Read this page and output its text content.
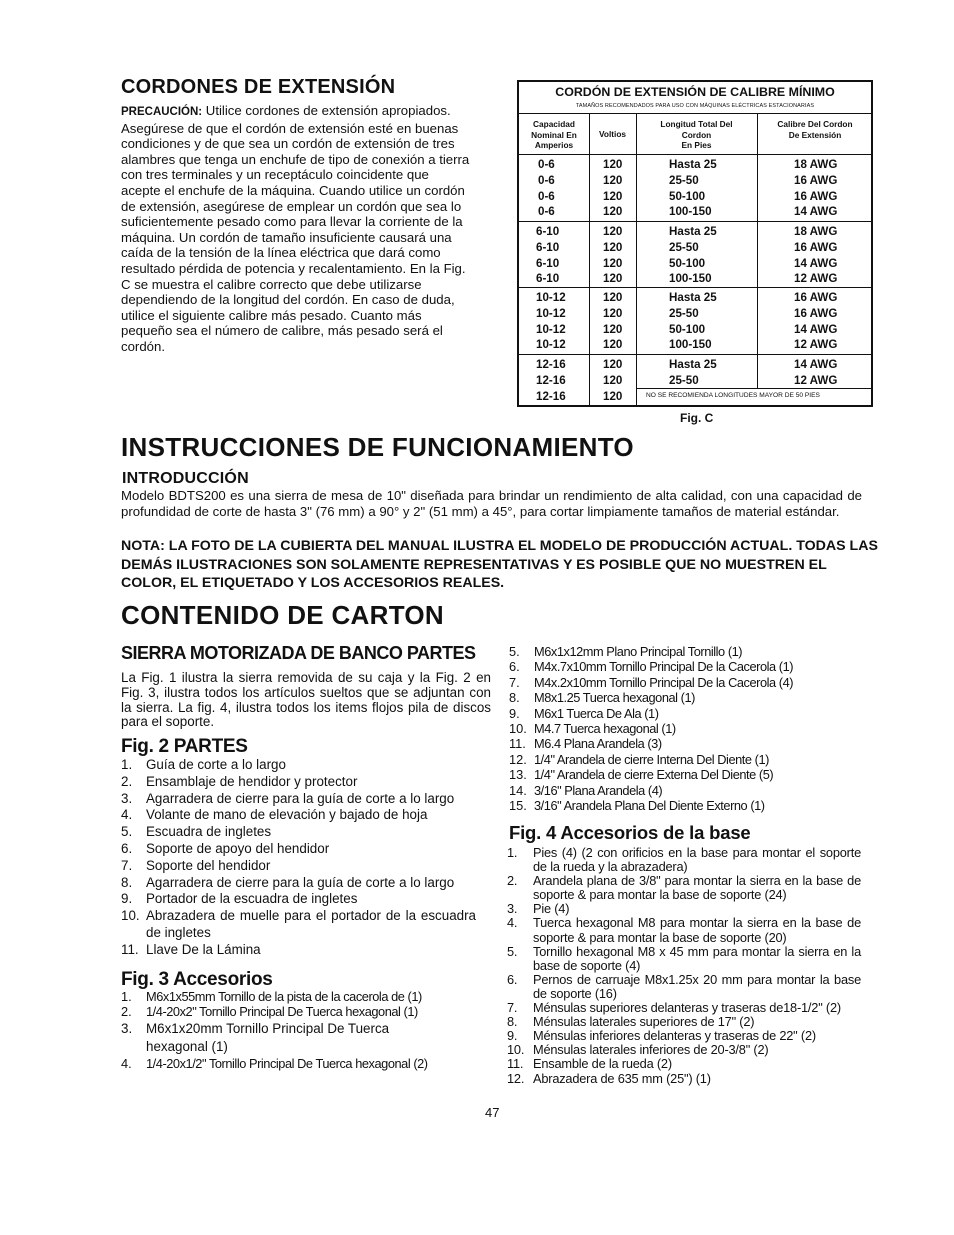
CORDONES DE EXTENSIÓN
PRECAUCIÓN: Utilice cordones de extensión apropiados. Asegúrese de que el cordón de extensión esté en buenas condiciones y de que sea un cordón de extensión de tres alambres que tenga un enchufe de tipo de conexión a tierra con tres terminales y un receptáculo coincidente que acepte el enchufe de la máquina. Cuando utilice un cordón de extensión, asegúrese de emplear un cordón que sea lo suficientemente pesado como para llevar la corriente de la máquina. Un cordón de tamaño insuficiente causará una caída de la tensión de la línea eléctrica que dará como resultado pérdida de potencia y recalentamiento. En la Fig. C se muestra el calibre correcto que debe utilizarse dependiendo de la longitud del cordón. En caso de duda, utilice el siguiente calibre más pesado. Cuanto más pequeño sea el número de calibre, más pesado será el cordón.
CORDÓN DE EXTENSIÓN DE CALIBRE MÍNIMO
TAMAÑOS RECOMENDADOS PARA USO CON MÁQUINAS ELÉCTRICAS ESTACIONARIAS
Capacidad
Nominal En
Amperios
Voltios
Longitud Total Del
Cordon
En Pies
Calibre Del Cordon
De Extensión
0-6
0-6
0-6
0-6
120
120
120
120
Hasta 25
25-50
50-100
100-150
18 AWG
16 AWG
16 AWG
14 AWG
6-10
6-10
6-10
6-10
120
120
120
120
Hasta 25
25-50
50-100
100-150
18 AWG
16 AWG
14 AWG
12 AWG
10-12
10-12
10-12
10-12
120
120
120
120
Hasta 25
25-50
50-100
100-150
16 AWG
16 AWG
14 AWG
12 AWG
12-16
12-16
12-16
120
120
120
Hasta 25
25-50
14 AWG
12 AWG
NO SE RECOMIENDA LONGITUDES MAYOR DE 50 PIES
Fig. C
INSTRUCCIONES DE FUNCIONAMIENTO
INTRODUCCIÓN
Modelo BDTS200 es una sierra de mesa de 10" diseñada para brindar un rendimiento de alta calidad, con una capacidad de profundidad de corte de hasta 3" (76 mm) a 90° y 2" (51 mm) a 45°, para cortar limpiamente tamaños de material estándar.
NOTA: LA FOTO DE LA CUBIERTA DEL MANUAL ILUSTRA EL MODELO DE PRODUCCIÓN ACTUAL. TODAS LAS DEMÁS ILUSTRACIONES SON SOLAMENTE REPRESENTATIVAS Y ES POSIBLE QUE NO MUESTREN EL COLOR, EL ETIQUETADO Y LOS ACCESORIOS REALES.
CONTENIDO DE CARTON
SIERRA MOTORIZADA DE BANCO PARTES
La Fig. 1 ilustra la sierra removida de su caja y la Fig. 2 en Fig. 3, ilustra todos los artículos sueltos que se adjuntan con la sierra. La fig. 4, ilustra todos los items flojos pila de discos para el soporte.
Fig. 2 PARTES
1. Guía de corte a lo largo
2. Ensamblaje de hendidor y protector
3. Agarradera de cierre para la guía de corte a lo largo
4. Volante de mano de elevación y bajado de hoja
5. Escuadra de ingletes
6. Soporte de apoyo del hendidor
7. Soporte del hendidor
8. Agarradera de cierre para la guía de corte a lo largo
9. Portador de la escuadra de ingletes
10. Abrazadera de muelle para el portador de la escuadra de ingletes
11. Llave De la Lámina
Fig. 3 Accesorios
1. M6x1x55mm Tornillo de la pista de la cacerola de (1)
2. 1/4-20x2" Tornillo Principal De Tuerca hexagonal (1)
3. M6x1x20mm Tornillo Principal De Tuerca hexagonal (1)
4. 1/4-20x1/2" Tornillo Principal De Tuerca hexagonal (2)
5. M6x1x12mm Plano Principal Tornillo (1)
6. M4x.7x10mm Tornillo Principal De la Cacerola (1)
7. M4x.2x10mm Tornillo Principal De la Cacerola (4)
8. M8x1.25 Tuerca hexagonal (1)
9. M6x1 Tuerca De Ala (1)
10. M4.7 Tuerca hexagonal (1)
11. M6.4 Plana Arandela (3)
12. 1/4" Arandela de cierre Interna Del Diente (1)
13. 1/4" Arandela de cierre Externa Del Diente (5)
14. 3/16" Plana Arandela (4)
15. 3/16" Arandela Plana Del Diente Externo (1)
Fig. 4 Accesorios de la base
1. Pies (4) (2 con orificios en la base para montar el soporte de la rueda y la abrazadera)
2. Arandela plana de 3/8" para montar la sierra en la base de soporte & para montar la base de soporte (24)
3. Pie (4)
4. Tuerca hexagonal M8 para montar la sierra en la base de soporte & para montar la base de soporte (20)
5. Tornillo hexagonal M8 x 45 mm para montar la sierra en la base de soporte (4)
6. Pernos de carruaje M8x1.25x 20 mm para montar la base de soporte (16)
7. Ménsulas superiores delanteras y traseras de18-1/2" (2)
8. Ménsulas laterales superiores de 17" (2)
9. Ménsulas inferiores delanteras y traseras de 22" (2)
10. Ménsulas laterales inferiores de 20-3/8" (2)
11. Ensamble de la rueda (2)
12. Abrazadera de 635 mm (25") (1)
47
